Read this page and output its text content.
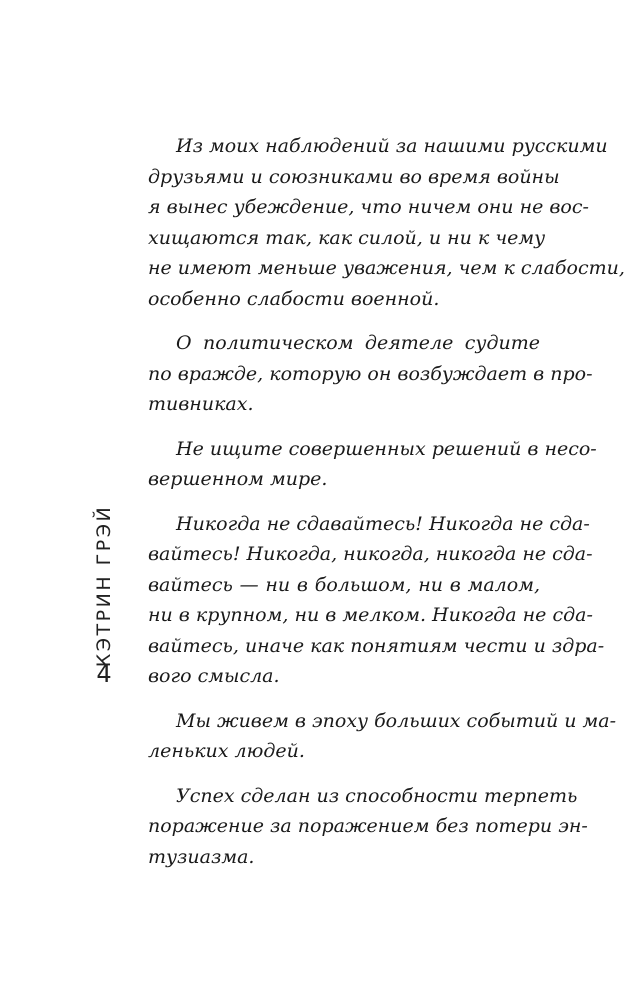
КЭТРИН ГРЭЙ
4

Из моих наблюдений за нашими русскими
друзьями и союзниками во время войны
я вынес убеждение, что ничем они не вос-
хищаются так, как силой, и ни к чему
не имеют меньше уважения, чем к слабости,
особенно слабости военной.

О политическом деятеле судите
по вражде, которую он возбуждает в про-
тивниках.

Не ищите совершенных решений в несо-
вершенном мире.

Никогда не сдавайтесь! Никогда не сда-
вайтесь! Никогда, никогда, никогда не сда-
вайтесь — ни в большом, ни в малом,
ни в крупном, ни в мелком. Никогда не сда-
вайтесь, иначе как понятиям чести и здра-
вого смысла.

Мы живем в эпоху больших событий и ма-
леньких людей.

Успех сделан из способности терпеть
поражение за поражением без потери эн-
тузиазма.
